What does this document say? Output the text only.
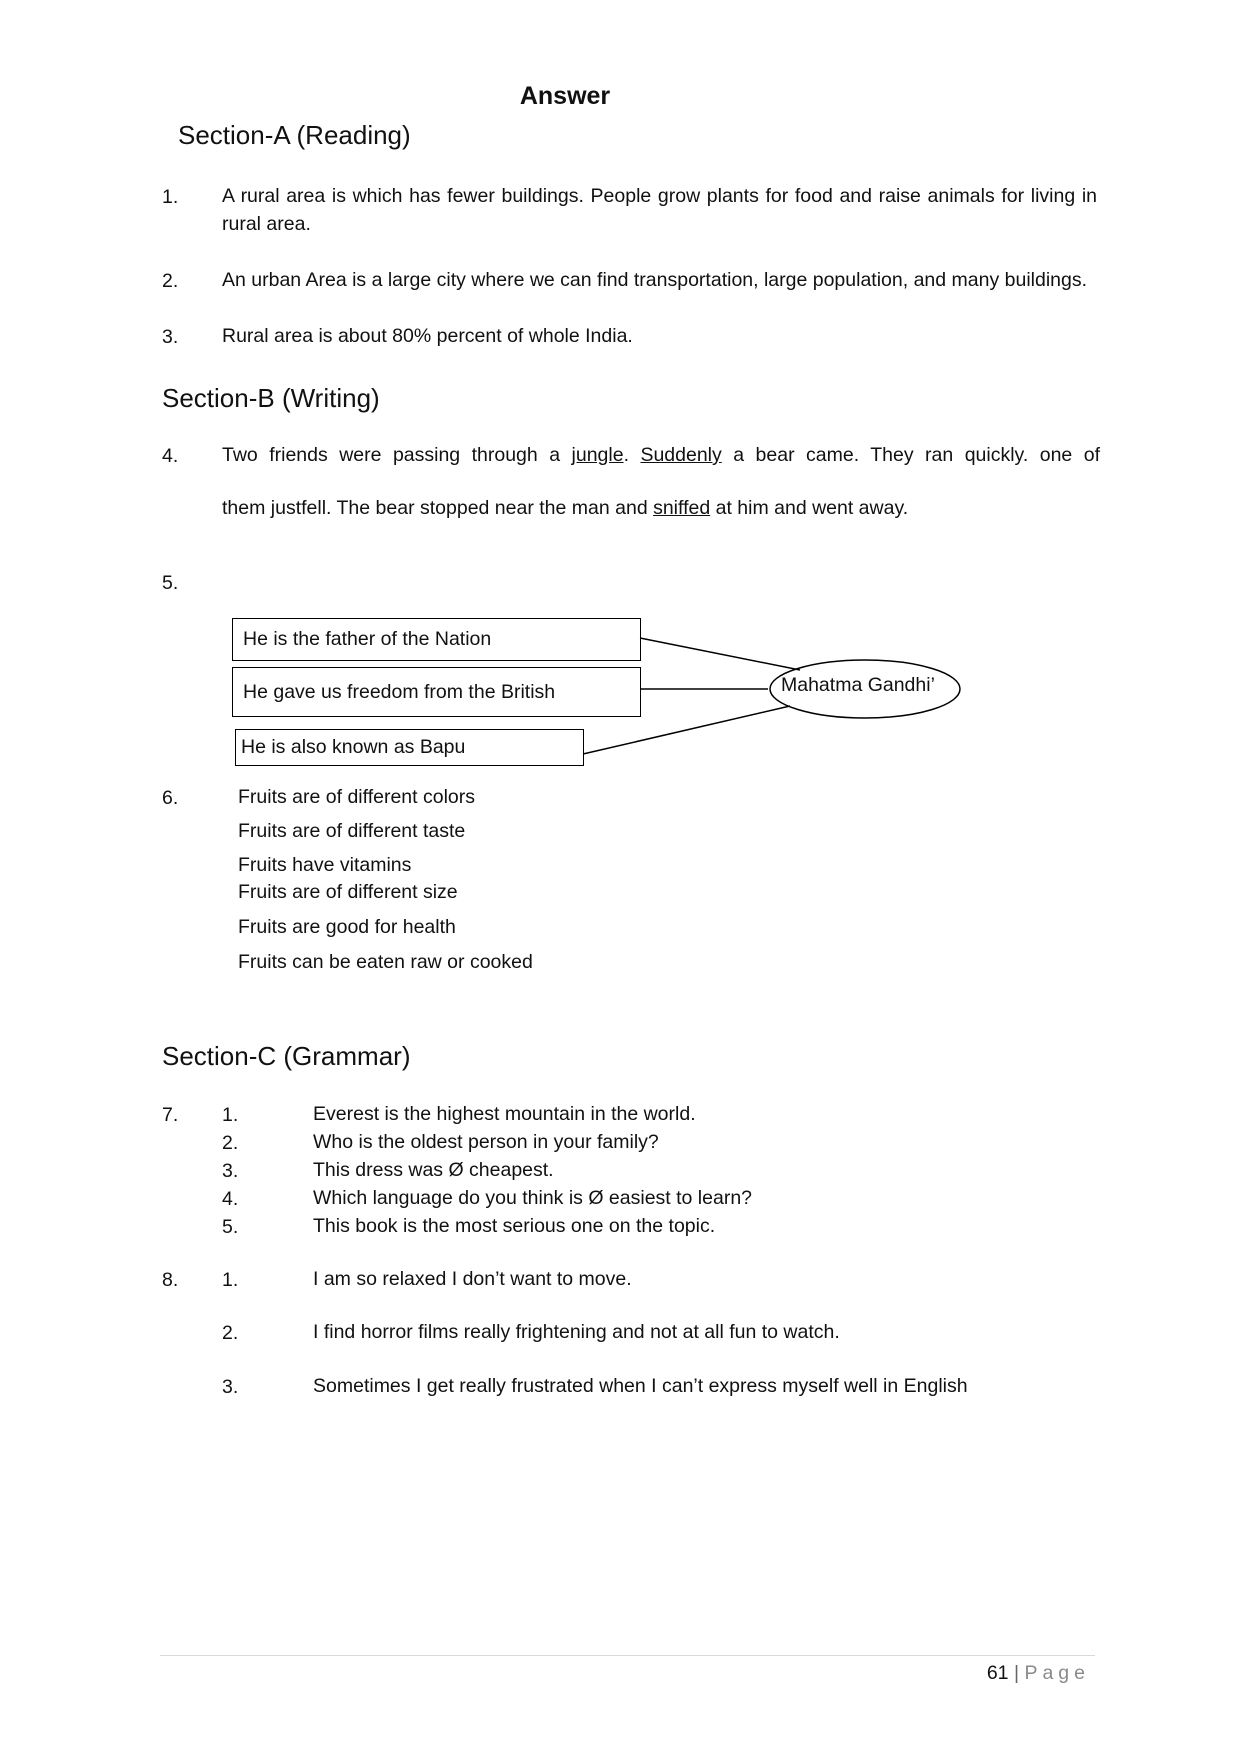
Answer
Section-A (Reading)
1. A rural area is which has fewer buildings. People grow plants for food and raise animals for living in rural area.
2. An urban Area is a large city where we can find transportation, large population, and many buildings.
3. Rural area is about 80% percent of whole India.
Section-B (Writing)
4. Two friends were passing through a jungle. Suddenly a bear came. They ran quickly. one of
them justfell. The bear stopped near the man and sniffed at him and went away.
5.
He is the father of the Nation
He gave us freedom from the British
He is also known as Bapu
Mahatma Gandhi’
6.	Fruits are of different colors
Fruits are of different taste
Fruits have vitamins
Fruits are of different size
Fruits are good for health
Fruits can be eaten raw or cooked
Section-C (Grammar)
7. 1.	Everest is the highest mountain in the world.
2.	Who is the oldest person in your family?
3.	This dress was Ø cheapest.
4.	Which language do you think is Ø easiest to learn?
5.	This book is the most serious one on the topic.
8. 1.	I am so relaxed I don’t want to move.
2.	I find horror films really frightening and not at all fun to watch.
3.	Sometimes I get really frustrated when I can’t express myself well in English
61 | Page
